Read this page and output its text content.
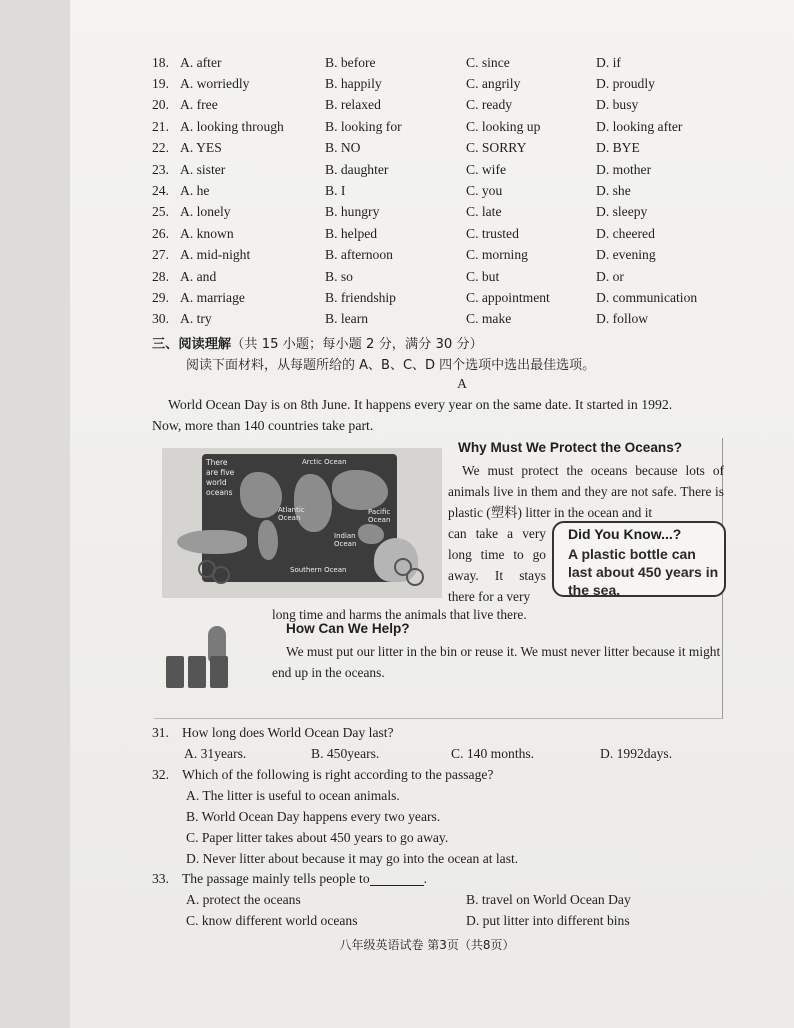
18. A. after	B. before	C. since	D. if
19. A. worriedly	B. happily	C. angrily	D. proudly
20. A. free	B. relaxed	C. ready	D. busy
21. A. looking through	B. looking for	C. looking up	D. looking after
22. A. YES	B. NO	C. SORRY	D. BYE
23. A. sister	B. daughter	C. wife	D. mother
24. A. he	B. I	C. you	D. she
25. A. lonely	B. hungry	C. late	D. sleepy
26. A. known	B. helped	C. trusted	D. cheered
27. A. mid-night	B. afternoon	C. morning	D. evening
28. A. and	B. so	C. but	D. or
29. A. marriage	B. friendship	C. appointment	D. communication
30. A. try	B. learn	C. make	D. follow
三、阅读理解 （共 15 小题；每小题 2 分，满分 30 分）
阅读下面材料，从每题所给的 A、B、C、D 四个选项中选出最佳选项。
A
World Ocean Day is on 8th June. It happens every year on the same date. It started in 1992.
Now, more than 140 countries take part.
Arctic Ocean
Atlantic Ocean
Pacific Ocean
Indian Ocean
Southern Ocean
There
are five
world
oceans
Why Must We Protect the Oceans?
We must protect the oceans because lots of animals live in them and they are not safe. There is plastic (塑料) litter in the ocean and it
can take a very long time to go away. It stays there for a very
long time and harms the animals that live there.
Did You Know...?
A plastic bottle can last about 450 years in the sea.
How Can We Help?
We must put our litter in the bin or reuse it. We must never litter because it might end up in the oceans.
31. How long does World Ocean Day last?
A. 31years.	B. 450years.	C. 140 months.	D. 1992days.
32. Which of the following is right according to the passage?
A. The litter is useful to ocean animals.
B. World Ocean Day happens every two years.
C. Paper litter takes about 450 years to go away.
D. Never litter about because it may go into the ocean at last.
33. The passage mainly tells people to	.
A. protect the oceans	B. travel on World Ocean Day
C. know different world oceans	D. put litter into different bins
八年级英语试卷 第3页（共8页）
